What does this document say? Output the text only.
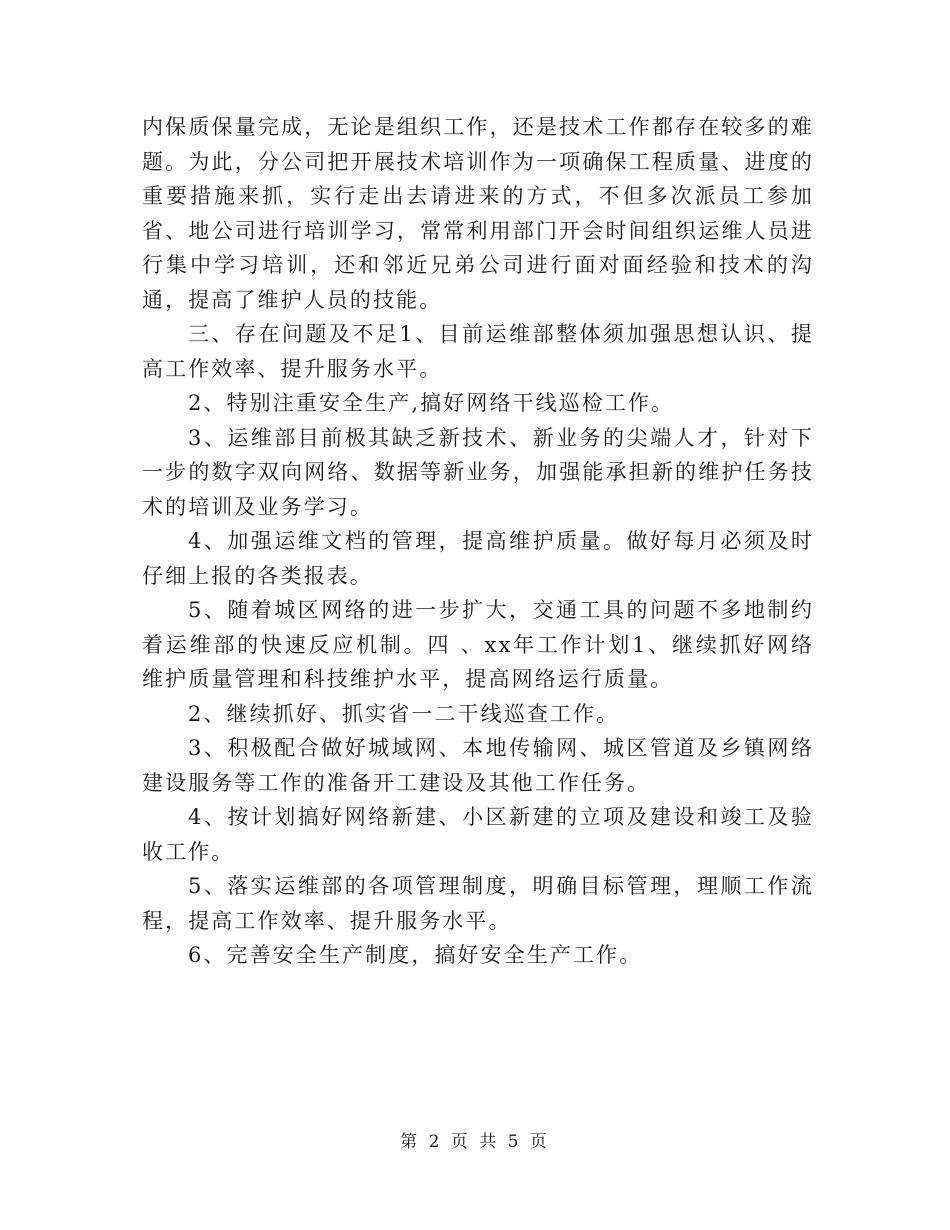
内保质保量完成，无论是组织工作，还是技术工作都存在较多的难题。为此，分公司把开展技术培训作为一项确保工程质量、进度的重要措施来抓，实行走出去请进来的方式，不但多次派员工参加省、地公司进行培训学习，常常利用部门开会时间组织运维人员进行集中学习培训，还和邻近兄弟公司进行面对面经验和技术的沟通，提高了维护人员的技能。

三、存在问题及不足1、目前运维部整体须加强思想认识、提高工作效率、提升服务水平。

2、特别注重安全生产,搞好网络干线巡检工作。

3、运维部目前极其缺乏新技术、新业务的尖端人才，针对下一步的数字双向网络、数据等新业务，加强能承担新的维护任务技术的培训及业务学习。

4、加强运维文档的管理，提高维护质量。做好每月必须及时仔细上报的各类报表。

5、随着城区网络的进一步扩大，交通工具的问题不多地制约着运维部的快速反应机制。四 、xx年工作计划1、继续抓好网络维护质量管理和科技维护水平，提高网络运行质量。

2、继续抓好、抓实省一二干线巡查工作。

3、积极配合做好城域网、本地传输网、城区管道及乡镇网络建设服务等工作的准备开工建设及其他工作任务。

4、按计划搞好网络新建、小区新建的立项及建设和竣工及验收工作。

5、落实运维部的各项管理制度，明确目标管理，理顺工作流程，提高工作效率、提升服务水平。

6、完善安全生产制度，搞好安全生产工作。

第 2 页 共 5 页
